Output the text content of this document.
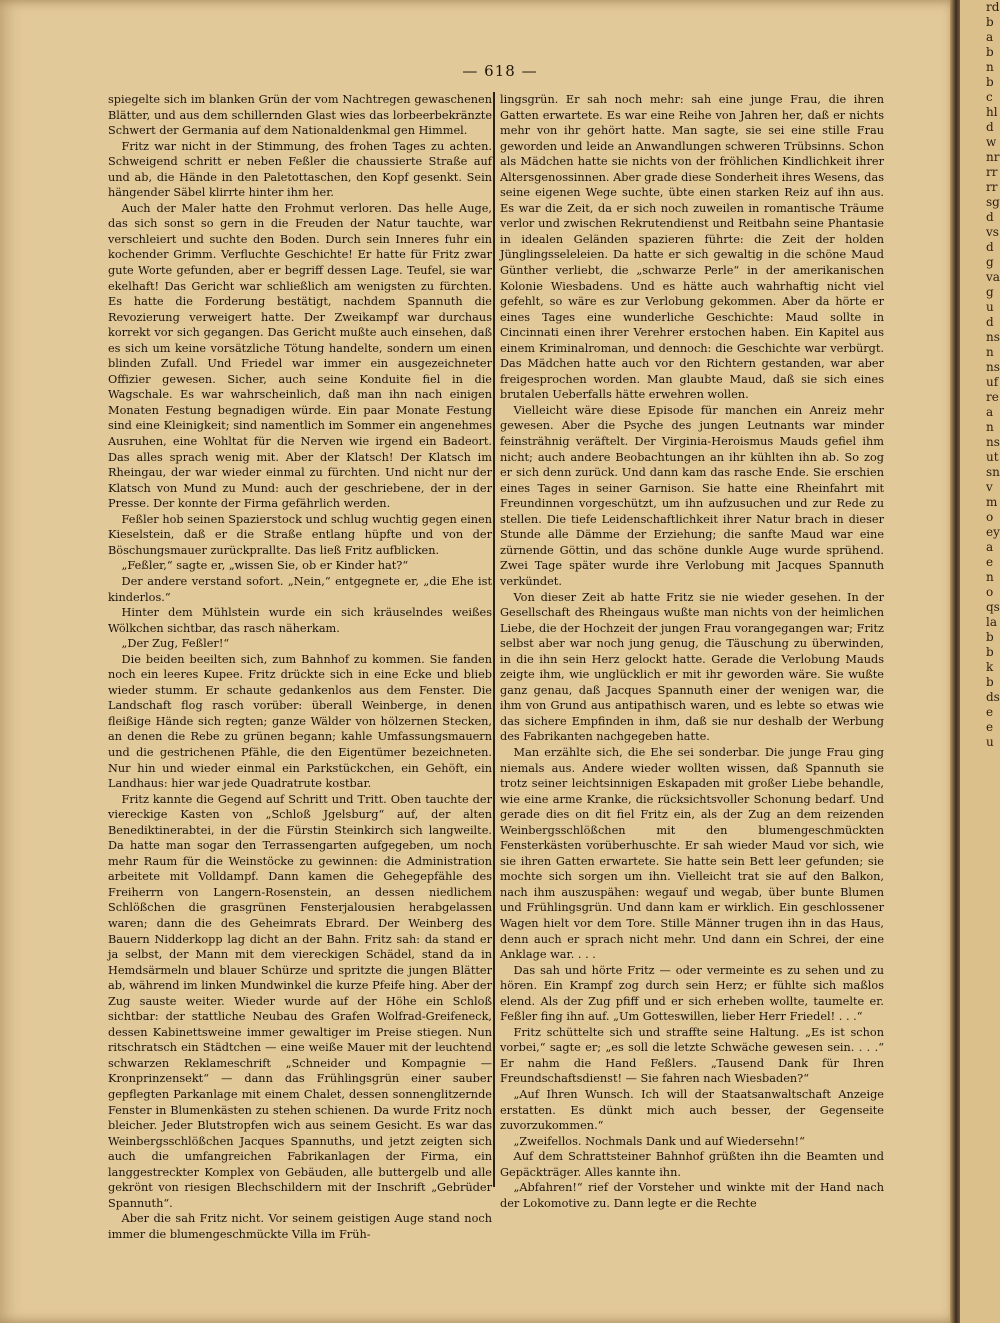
— 618 —

spiegelte sich im blanken Grün der vom Nachtregen gewaschenen Blätter, und aus dem schillernden Glast wies das lorbeerbekränzte Schwert der Germania auf dem Nationaldenkmal gen Himmel.

Fritz war nicht in der Stimmung, des frohen Tages zu achten. Schweigend schritt er neben Feßler die chaussierte Straße auf und ab, die Hände in den Paletottaschen, den Kopf gesenkt. Sein hängender Säbel klirrte hinter ihm her.

Auch der Maler hatte den Frohmut verloren. Das helle Auge, das sich sonst so gern in die Freuden der Natur tauchte, war verschleiert und suchte den Boden. Durch sein Inneres fuhr ein kochender Grimm. Verfluchte Geschichte! Er hatte für Fritz zwar gute Worte gefunden, aber er begriff dessen Lage. Teufel, sie war ekelhaft! Das Gericht war schließlich am wenigsten zu fürchten. Es hatte die Forderung bestätigt, nachdem Spannuth die Revozierung verweigert hatte. Der Zweikampf war durchaus korrekt vor sich gegangen. Das Gericht mußte auch einsehen, daß es sich um keine vorsätzliche Tötung handelte, sondern um einen blinden Zufall. Und Friedel war immer ein ausgezeichneter Offizier gewesen. Sicher, auch seine Konduite fiel in die Wagschale. Es war wahrscheinlich, daß man ihn nach einigen Monaten Festung begnadigen würde. Ein paar Monate Festung sind eine Kleinigkeit; sind namentlich im Sommer ein angenehmes Ausruhen, eine Wohltat für die Nerven wie irgend ein Badeort. Das alles sprach wenig mit. Aber der Klatsch! Der Klatsch im Rheingau, der war wieder einmal zu fürchten. Und nicht nur der Klatsch von Mund zu Mund: auch der geschriebene, der in der Presse. Der konnte der Firma gefährlich werden.

Feßler hob seinen Spazierstock und schlug wuchtig gegen einen Kieselstein, daß er die Straße entlang hüpfte und von der Böschungsmauer zurückprallte. Das ließ Fritz aufblicken.

„Feßler,“ sagte er, „wissen Sie, ob er Kinder hat?“

Der andere verstand sofort. „Nein,“ entgegnete er, „die Ehe ist kinderlos.“

Hinter dem Mühlstein wurde ein sich kräuselndes weißes Wölkchen sichtbar, das rasch näherkam.

„Der Zug, Feßler!“

Die beiden beeilten sich, zum Bahnhof zu kommen. Sie fanden noch ein leeres Kupee. Fritz drückte sich in eine Ecke und blieb wieder stumm. Er schaute gedankenlos aus dem Fenster. Die Landschaft flog rasch vorüber: überall Weinberge, in denen fleißige Hände sich regten; ganze Wälder von hölzernen Stecken, an denen die Rebe zu grünen begann; kahle Umfassungsmauern und die gestrichenen Pfähle, die den Eigentümer bezeichneten. Nur hin und wieder einmal ein Parkstückchen, ein Gehöft, ein Landhaus: hier war jede Quadratrute kostbar.

Fritz kannte die Gegend auf Schritt und Tritt. Oben tauchte der viereckige Kasten von „Schloß Jgelsburg“ auf, der alten Benediktinerabtei, in der die Fürstin Steinkirch sich langweilte. Da hatte man sogar den Terrassengarten aufgegeben, um noch mehr Raum für die Weinstöcke zu gewinnen: die Administration arbeitete mit Volldampf. Dann kamen die Gehegepfähle des Freiherrn von Langern-Rosenstein, an dessen niedlichem Schlößchen die grasgrünen Fensterjalousien herabgelassen waren; dann die des Geheimrats Ebrard. Der Weinberg des Bauern Nidderkopp lag dicht an der Bahn. Fritz sah: da stand er ja selbst, der Mann mit dem viereckigen Schädel, stand da in Hemdsärmeln und blauer Schürze und spritzte die jungen Blätter ab, während im linken Mundwinkel die kurze Pfeife hing. Aber der Zug sauste weiter. Wieder wurde auf der Höhe ein Schloß sichtbar: der stattliche Neubau des Grafen Wolfrad-Greifeneck, dessen Kabinettsweine immer gewaltiger im Preise stiegen. Nun ritschratsch ein Städtchen — eine weiße Mauer mit der leuchtend schwarzen Reklameschrift „Schneider und Kompagnie — Kronprinzensekt“ — dann das Frühlingsgrün einer sauber gepflegten Parkanlage mit einem Chalet, dessen sonnenglitzernde Fenster in Blumenkästen zu stehen schienen. Da wurde Fritz noch bleicher. Jeder Blutstropfen wich aus seinem Gesicht. Es war das Weinbergsschlößchen Jacques Spannuths, und jetzt zeigten sich auch die umfangreichen Fabrikanlagen der Firma, ein langgestreckter Komplex von Gebäuden, alle buttergelb und alle gekrönt von riesigen Blechschildern mit der Inschrift „Gebrüder Spannuth“.

Aber die sah Fritz nicht. Vor seinem geistigen Auge stand noch immer die blumengeschmückte Villa im Früh-

lingsgrün. Er sah noch mehr: sah eine junge Frau, die ihren Gatten erwartete. Es war eine Reihe von Jahren her, daß er nichts mehr von ihr gehört hatte. Man sagte, sie sei eine stille Frau geworden und leide an Anwandlungen schweren Trübsinns. Schon als Mädchen hatte sie nichts von der fröhlichen Kindlichkeit ihrer Altersgenossinnen. Aber grade diese Sonderheit ihres Wesens, das seine eigenen Wege suchte, übte einen starken Reiz auf ihn aus. Es war die Zeit, da er sich noch zuweilen in romantische Träume verlor und zwischen Rekrutendienst und Reitbahn seine Phantasie in idealen Geländen spazieren führte: die Zeit der holden Jünglingsseleleien. Da hatte er sich gewaltig in die schöne Maud Günther verliebt, die „schwarze Perle“ in der amerikanischen Kolonie Wiesbadens. Und es hätte auch wahrhaftig nicht viel gefehlt, so wäre es zur Verlobung gekommen. Aber da hörte er eines Tages eine wunderliche Geschichte: Maud sollte in Cincinnati einen ihrer Verehrer erstochen haben. Ein Kapitel aus einem Kriminalroman, und dennoch: die Geschichte war verbürgt. Das Mädchen hatte auch vor den Richtern gestanden, war aber freigesprochen worden. Man glaubte Maud, daß sie sich eines brutalen Ueberfalls hätte erwehren wollen.

Vielleicht wäre diese Episode für manchen ein Anreiz mehr gewesen. Aber die Psyche des jungen Leutnants war minder feinsträhnig veräftelt. Der Virginia-Heroismus Mauds gefiel ihm nicht; auch andere Beobachtungen an ihr kühlten ihn ab. So zog er sich denn zurück. Und dann kam das rasche Ende. Sie erschien eines Tages in seiner Garnison. Sie hatte eine Rheinfahrt mit Freundinnen vorgeschützt, um ihn aufzusuchen und zur Rede zu stellen. Die tiefe Leidenschaftlichkeit ihrer Natur brach in dieser Stunde alle Dämme der Erziehung; die sanfte Maud war eine zürnende Göttin, und das schöne dunkle Auge wurde sprühend. Zwei Tage später wurde ihre Verlobung mit Jacques Spannuth verkündet.

Von dieser Zeit ab hatte Fritz sie nie wieder gesehen. In der Gesellschaft des Rheingaus wußte man nichts von der heimlichen Liebe, die der Hochzeit der jungen Frau vorangegangen war; Fritz selbst aber war noch jung genug, die Täuschung zu überwinden, in die ihn sein Herz gelockt hatte. Gerade die Verlobung Mauds zeigte ihm, wie unglücklich er mit ihr geworden wäre. Sie wußte ganz genau, daß Jacques Spannuth einer der wenigen war, die ihm von Grund aus antipathisch waren, und es lebte so etwas wie das sichere Empfinden in ihm, daß sie nur deshalb der Werbung des Fabrikanten nachgegeben hatte.

Man erzählte sich, die Ehe sei sonderbar. Die junge Frau ging niemals aus. Andere wieder wollten wissen, daß Spannuth sie trotz seiner leichtsinnigen Eskapaden mit großer Liebe behandle, wie eine arme Kranke, die rücksichtsvoller Schonung bedarf. Und gerade dies on dit fiel Fritz ein, als der Zug an dem reizenden Weinbergsschlößchen mit den blumengeschmückten Fensterkästen vorüberhuschte. Er sah wieder Maud vor sich, wie sie ihren Gatten erwartete. Sie hatte sein Bett leer gefunden; sie mochte sich sorgen um ihn. Vielleicht trat sie auf den Balkon, nach ihm auszuspähen: wegauf und wegab, über bunte Blumen und Frühlingsgrün. Und dann kam er wirklich. Ein geschlossener Wagen hielt vor dem Tore. Stille Männer trugen ihn in das Haus, denn auch er sprach nicht mehr. Und dann ein Schrei, der eine Anklage war. . . .

Das sah und hörte Fritz — oder vermeinte es zu sehen und zu hören. Ein Krampf zog durch sein Herz; er fühlte sich maßlos elend. Als der Zug pfiff und er sich erheben wollte, taumelte er. Feßler fing ihn auf. „Um Gotteswillen, lieber Herr Friedel! . . .“

Fritz schüttelte sich und straffte seine Haltung. „Es ist schon vorbei,“ sagte er; „es soll die letzte Schwäche gewesen sein. . . .“ Er nahm die Hand Feßlers. „Tausend Dank für Ihren Freundschaftsdienst! — Sie fahren nach Wiesbaden?“

„Auf Ihren Wunsch. Ich will der Staatsanwaltschaft Anzeige erstatten. Es dünkt mich auch besser, der Gegenseite zuvorzukommen.“

„Zweifellos. Nochmals Dank und auf Wiedersehn!“

Auf dem Schrattsteiner Bahnhof grüßten ihn die Beamten und Gepäckträger. Alles kannte ihn.

„Abfahren!“ rief der Vorsteher und winkte mit der Hand nach der Lokomotive zu. Dann legte er die Rechte

rdbabnbchldwnrrrrrsgdvsdgvagudnsnnsufreannsutsnvmoeyaenoqslabbkbdseeu
